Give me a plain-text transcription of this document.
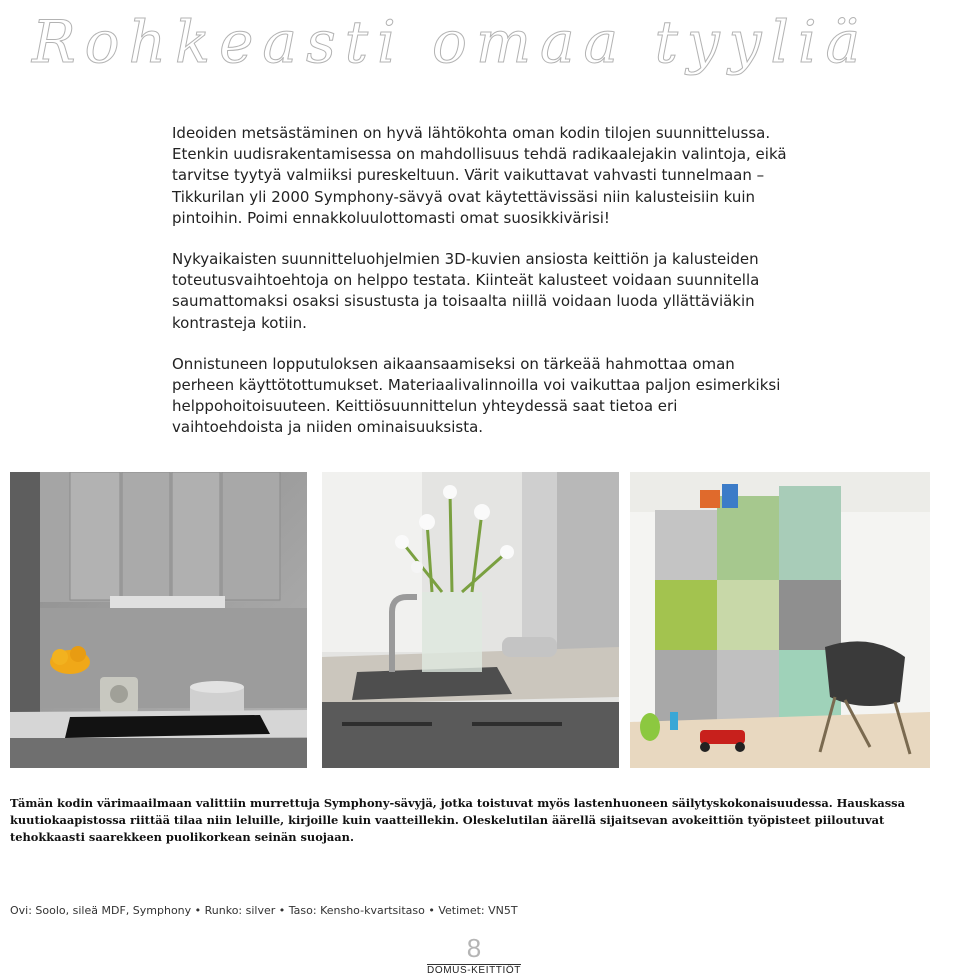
Rohkeasti omaa tyyliä

Ideoiden metsästäminen on hyvä lähtökohta oman kodin tilojen suunnittelussa. Etenkin uudisrakentamisessa on mahdollisuus tehdä radikaalejakin valintoja, eikä tarvitse tyytyä valmiiksi pureskeltuun. Värit vaikuttavat vahvasti tunnelmaan –Tikkurilan yli 2000 Symphony-sävyä ovat käytettävissäsi niin kalusteisiin kuin pintoihin. Poimi ennakkoluulottomasti omat suosikkivärisi!

Nykyaikaisten suunnitteluohjelmien 3D-kuvien ansiosta keittiön ja kalusteiden toteutusvaihtoehtoja on helppo testata. Kiinteät kalusteet voidaan suunnitella saumattomaksi osaksi sisustusta ja toisaalta niillä voidaan luoda yllättäviäkin kontrasteja kotiin.

Onnistuneen lopputuloksen aikaansaamiseksi on tärkeää hahmottaa oman perheen käyttötottumukset. Materiaalivalinnoilla voi vaikuttaa paljon esimerkiksi helppohoitoisuuteen. Keittiösuunnittelun yhteydessä saat tietoa eri vaihtoehdoista ja niiden ominaisuuksista.

Tämän kodin värimaailmaan valittiin murrettuja Symphony-sävyjä, jotka toistuvat myös lastenhuoneen säilytyskokonaisuudessa. Hauskassa kuutiokaapistossa riittää tilaa niin leluille, kirjoille kuin vaatteillekin. Oleskelutilan äärellä sijaitsevan avokeittiön työpisteet piiloutuvat tehokkaasti saarekkeen puolikorkean seinän suojaan.
Ovi: Soolo, sileä MDF, Symphony • Runko: silver • Taso: Kensho-kvartsitaso • Vetimet: VN5T
8
DOMUS-KEITTIÖT
